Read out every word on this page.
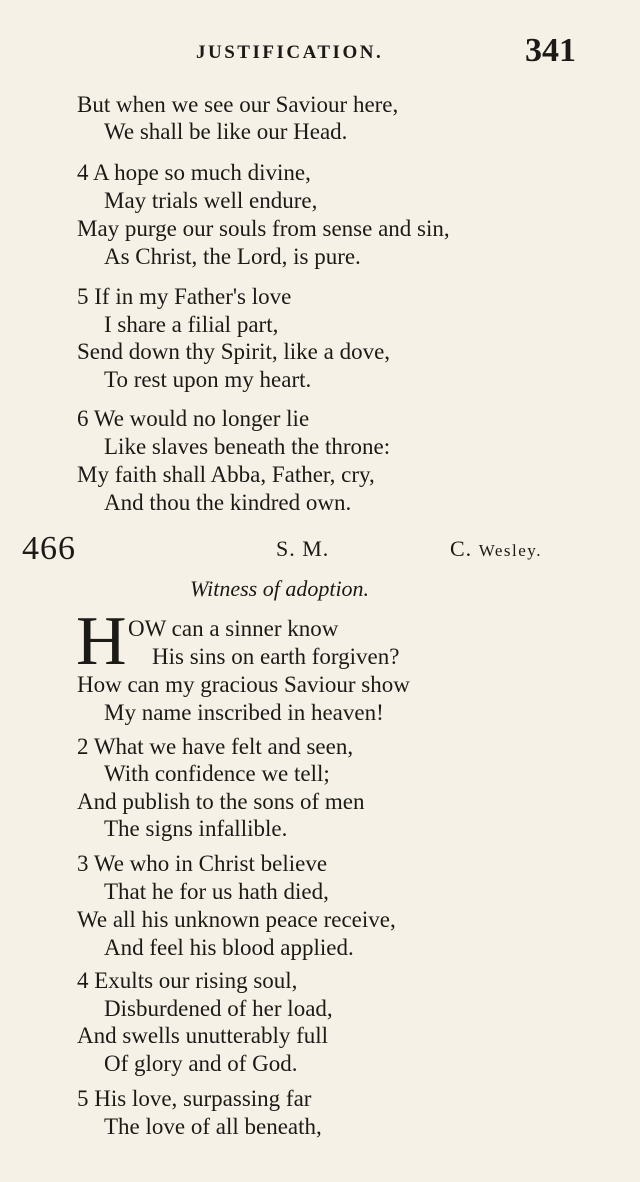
JUSTIFICATION.	341
But when we see our Saviour here,
We shall be like our Head.
4 A hope so much divine,
May trials well endure,
May purge our souls from sense and sin,
As Christ, the Lord, is pure.
5 If in my Father's love
I share a filial part,
Send down thy Spirit, like a dove,
To rest upon my heart.
6 We would no longer lie
Like slaves beneath the throne:
My faith shall Abba, Father, cry,
And thou the kindred own.
466	S. M.	C. Wesley.
Witness of adoption.
H OW can a sinner know
His sins on earth forgiven?
How can my gracious Saviour show
My name inscribed in heaven!
2 What we have felt and seen,
With confidence we tell;
And publish to the sons of men
The signs infallible.
3 We who in Christ believe
That he for us hath died,
We all his unknown peace receive,
And feel his blood applied.
4 Exults our rising soul,
Disburdened of her load,
And swells unutterably full
Of glory and of God.
5 His love, surpassing far
The love of all beneath,
